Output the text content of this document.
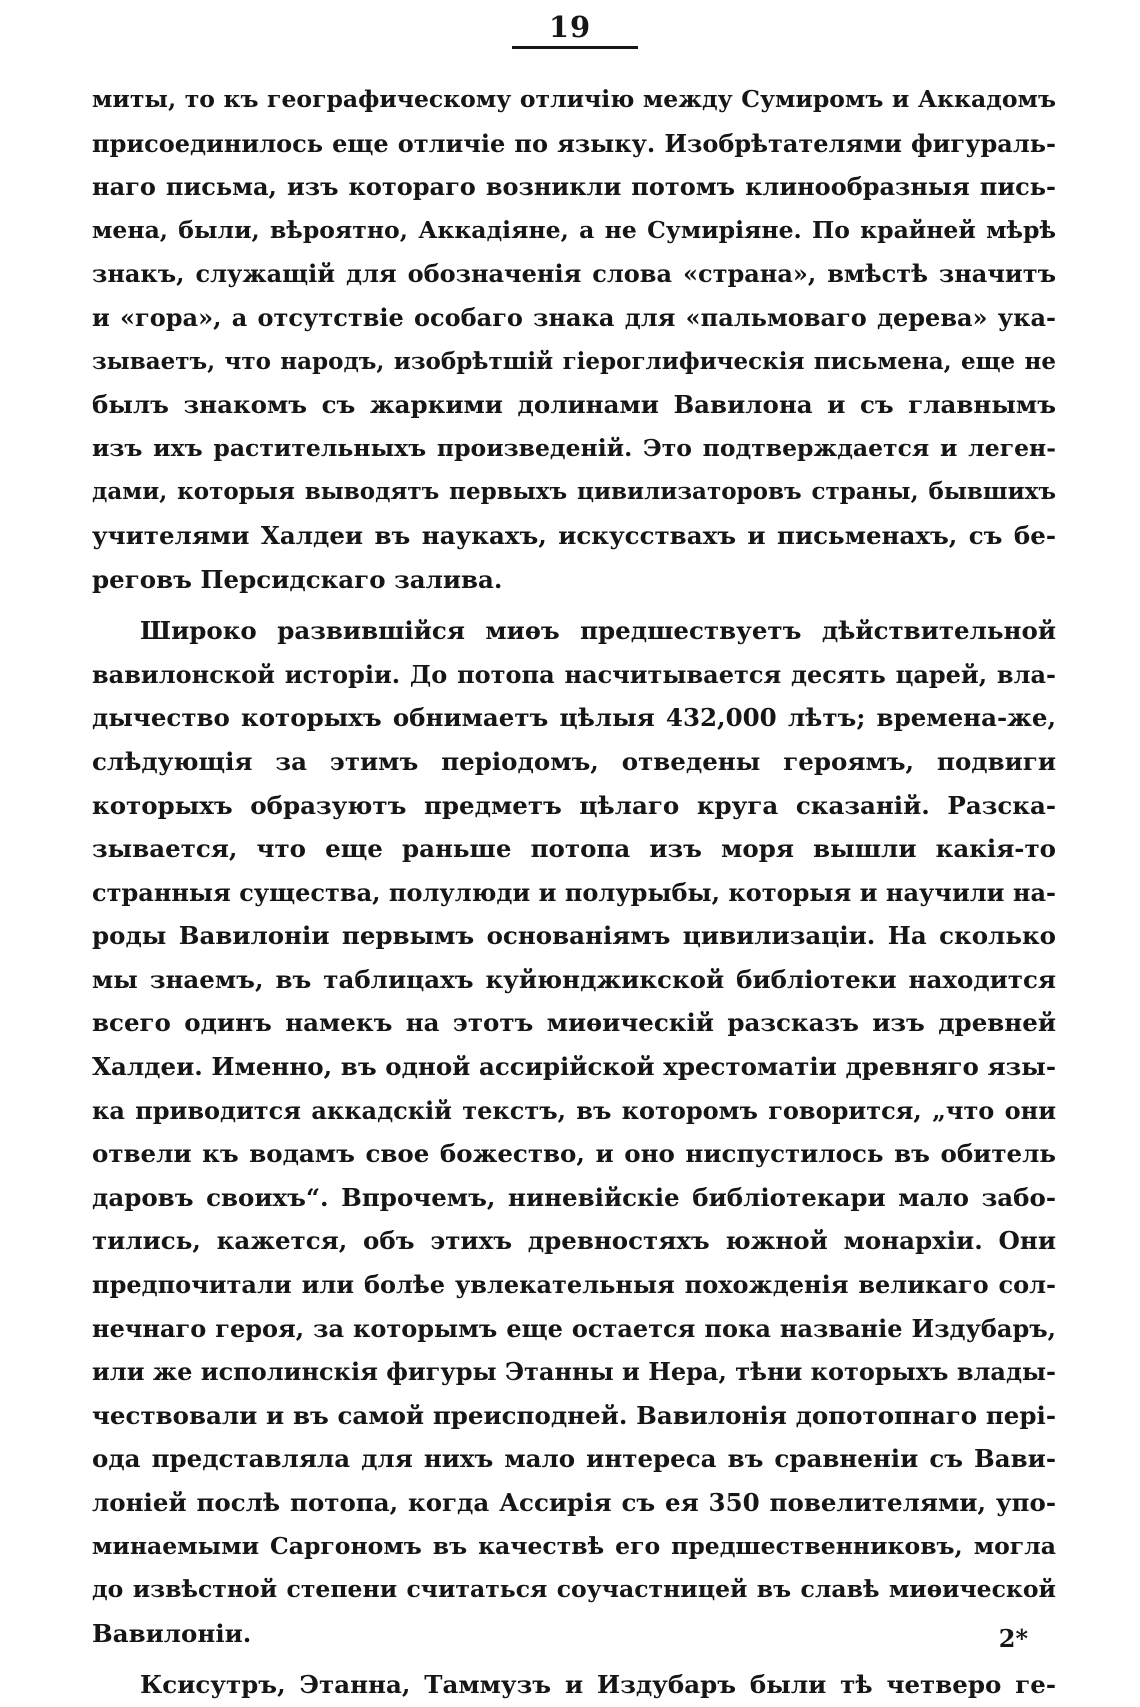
19
миты, то къ географическому отличію между Сумиромъ и Аккадомъ
присоединилось еще отличіе по языку. Изобрѣтателями фигураль-
наго письма, изъ котораго возникли потомъ клинообразныя пись-
мена, были, вѣроятно, Аккадіяне, а не Сумиріяне. По крайней мѣрѣ
знакъ, служащій для обозначенія слова «страна», вмѣстѣ значитъ
и «гора», а отсутствіе особаго знака для «пальмоваго дерева» ука-
зываетъ, что народъ, изобрѣтшій гіероглифическія письмена, еще не
былъ знакомъ съ жаркими долинами Вавилона и съ главнымъ
изъ ихъ растительныхъ произведеній. Это подтверждается и леген-
дами, которыя выводятъ первыхъ цивилизаторовъ страны, бывшихъ
учителями Халдеи въ наукахъ, искусствахъ и письменахъ, съ бе-
реговъ Персидскаго залива.
Широко развившійся миѳъ предшествуетъ дѣйствительной
вавилонской исторіи. До потопа насчитывается десять царей, вла-
дычество которыхъ обнимаетъ цѣлыя 432,000 лѣтъ; времена-же,
слѣдующія за этимъ періодомъ, отведены героямъ, подвиги
которыхъ образуютъ предметъ цѣлаго круга сказаній. Разска-
зывается, что еще раньше потопа изъ моря вышли какія-то
странныя существа, полулюди и полурыбы, которыя и научили на-
роды Вавилоніи первымъ основаніямъ цивилизаціи. На сколько
мы знаемъ, въ таблицахъ куйюнджикской библіотеки находится
всего одинъ намекъ на этотъ миѳическій разсказъ изъ древней
Халдеи. Именно, въ одной ассирійской хрестоматіи древняго язы-
ка приводится аккадскій текстъ, въ которомъ говорится, „что они
отвели къ водамъ свое божество, и оно ниспустилось въ обитель
даровъ своихъ“. Впрочемъ, ниневійскіе библіотекари мало забо-
тились, кажется, объ этихъ древностяхъ южной монархіи. Они
предпочитали или болѣе увлекательныя похожденія великаго сол-
нечнаго героя, за которымъ еще остается пока названіе Издубаръ,
или же исполинскія фигуры Этанны и Нера, тѣни которыхъ влады-
чествовали и въ самой преисподней. Вавилонія допотопнаго пері-
ода представляла для нихъ мало интереса въ сравненіи съ Вави-
лоніей послѣ потопа, когда Ассирія съ ея 350 повелителями, упо-
минаемыми Саргономъ въ качествѣ его предшественниковъ, могла
до извѣстной степени считаться соучастницей въ славѣ миѳической
Вавилоніи.
Ксисутръ, Этанна, Таммузъ и Издубаръ были тѣ четверо ге-
2*
